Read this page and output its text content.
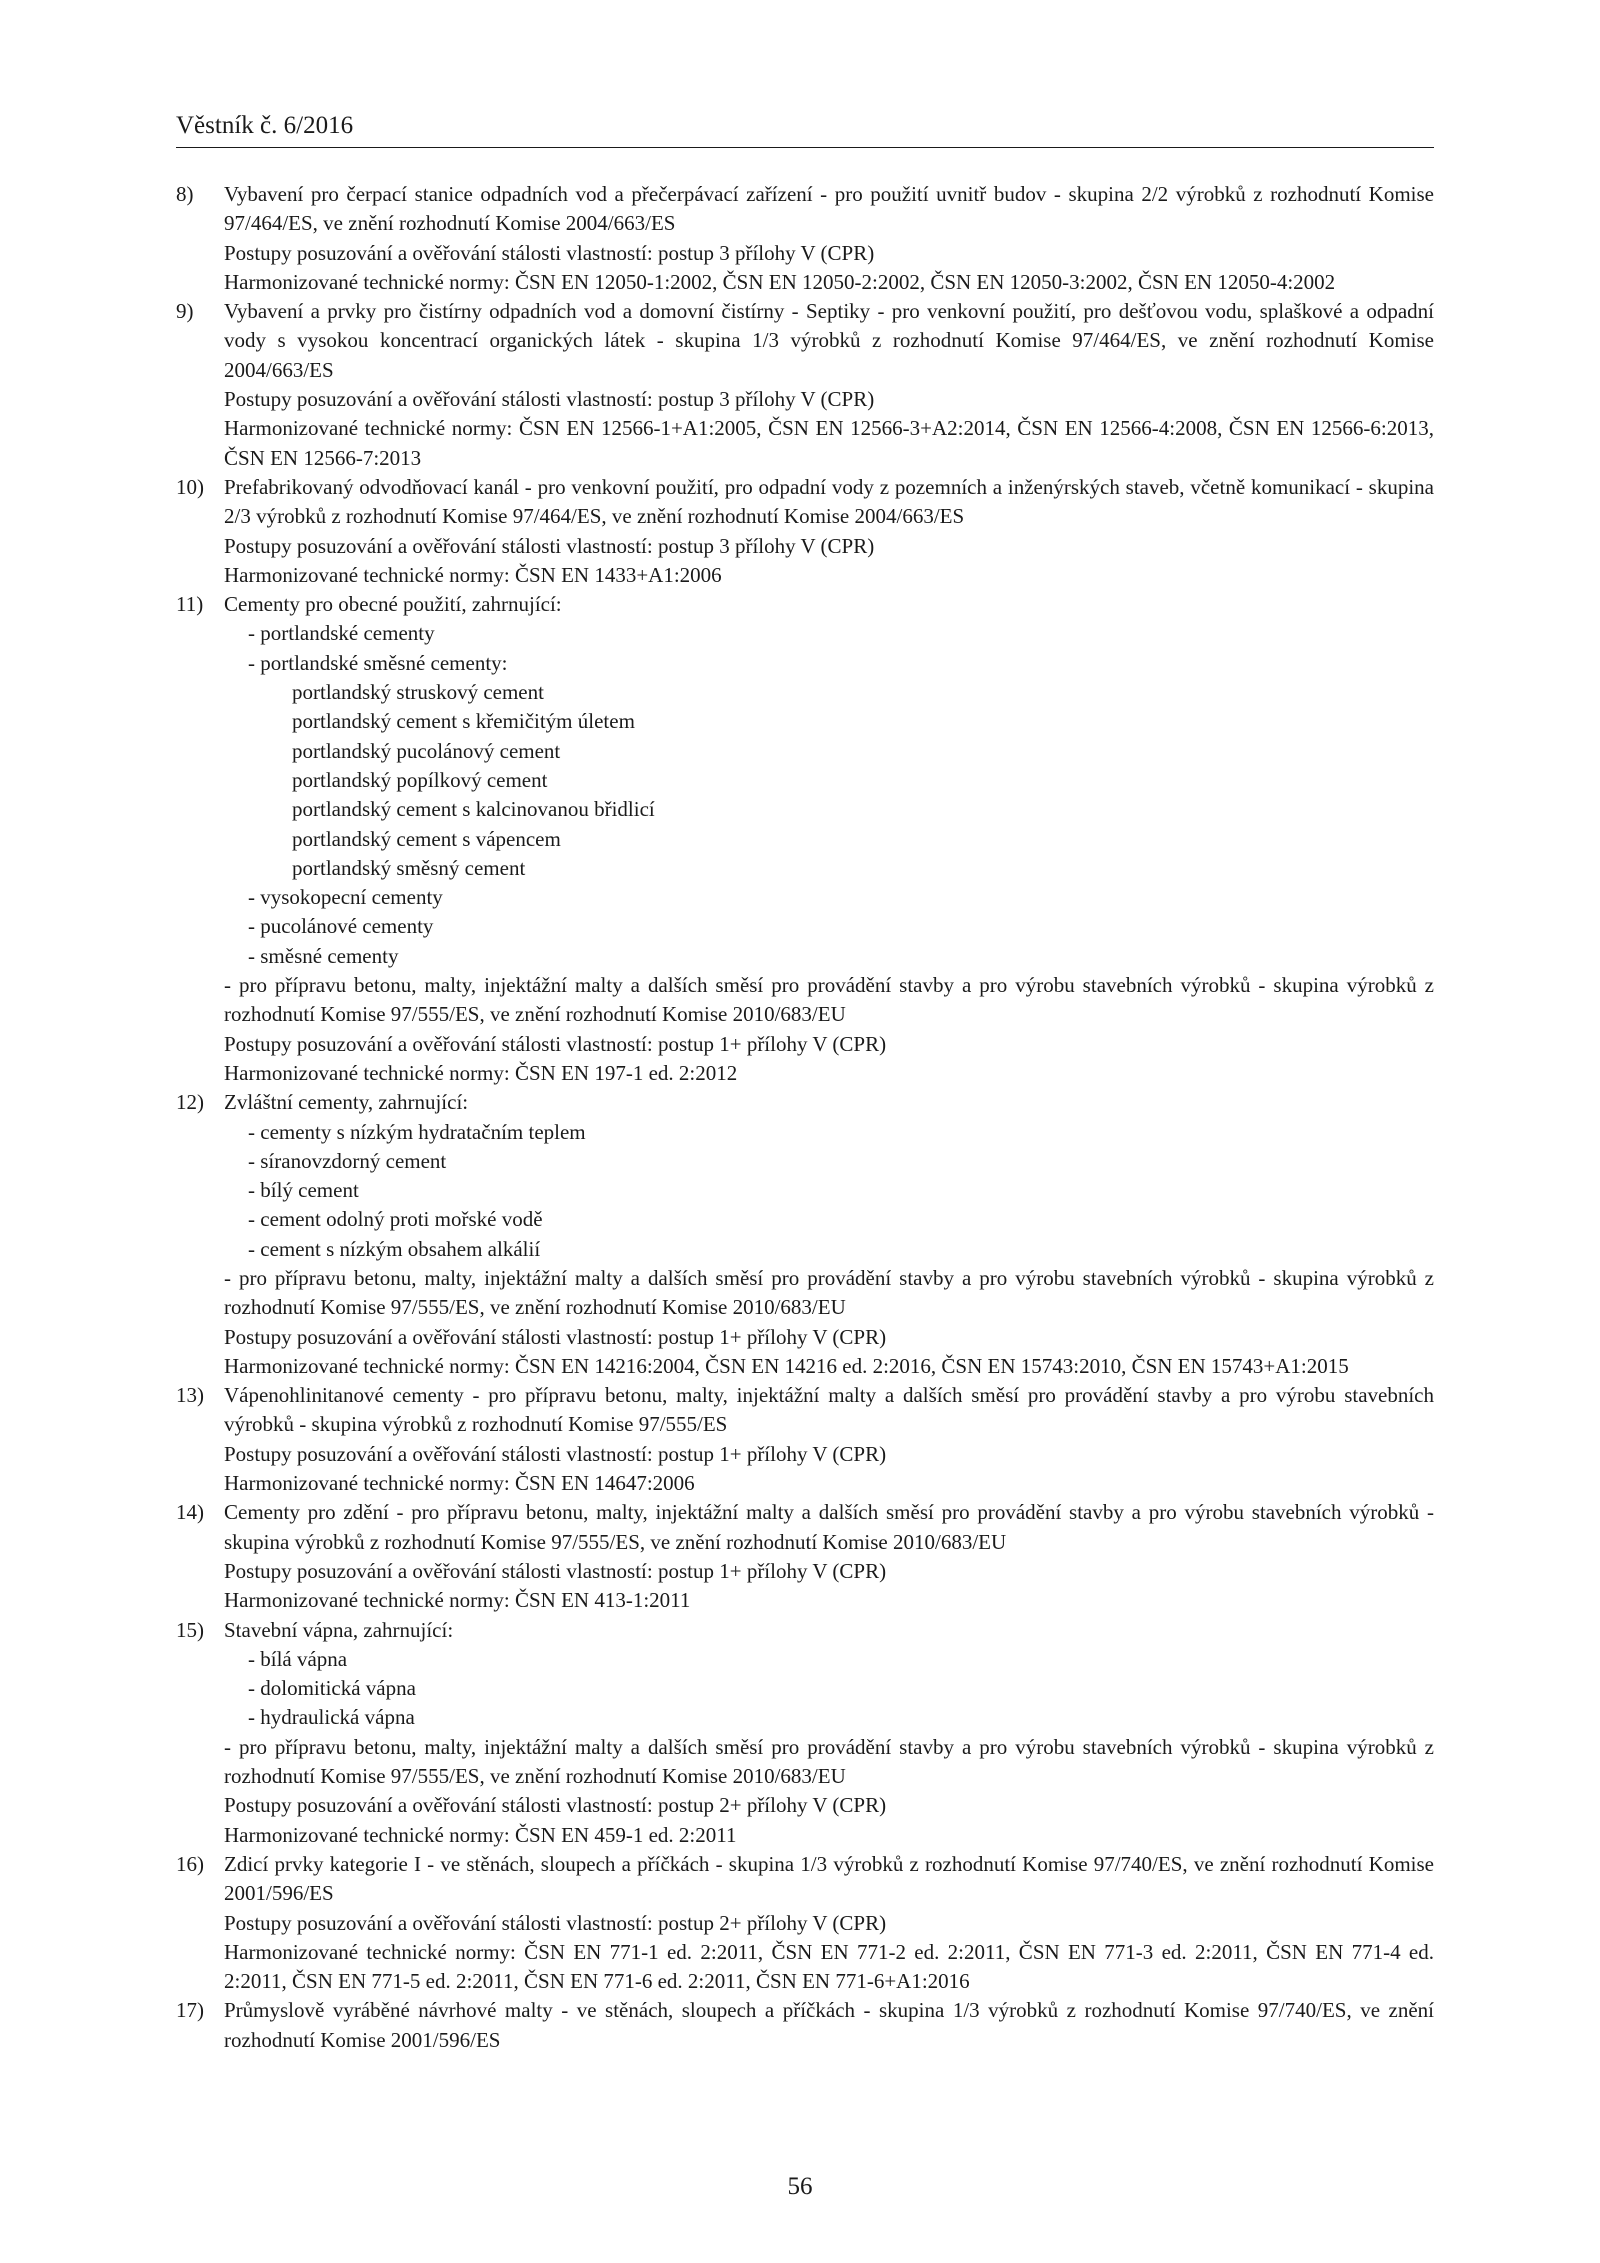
Věstník č. 6/2016
8) Vybavení pro čerpací stanice odpadních vod a přečerpávací zařízení - pro použití uvnitř budov - skupina 2/2 výrobků z rozhodnutí Komise 97/464/ES, ve znění rozhodnutí Komise 2004/663/ES
Postupy posuzování a ověřování stálosti vlastností: postup 3 přílohy V (CPR)
Harmonizované technické normy: ČSN EN 12050-1:2002, ČSN EN 12050-2:2002, ČSN EN 12050-3:2002, ČSN EN 12050-4:2002
9) Vybavení a prvky pro čistírny odpadních vod a domovní čistírny - Septiky - pro venkovní použití, pro dešťovou vodu, splaškové a odpadní vody s vysokou koncentrací organických látek - skupina 1/3 výrobků z rozhodnutí Komise 97/464/ES, ve znění rozhodnutí Komise 2004/663/ES
Postupy posuzování a ověřování stálosti vlastností: postup 3 přílohy V (CPR)
Harmonizované technické normy: ČSN EN 12566-1+A1:2005, ČSN EN 12566-3+A2:2014, ČSN EN 12566-4:2008, ČSN EN 12566-6:2013, ČSN EN 12566-7:2013
10) Prefabrikovaný odvodňovací kanál - pro venkovní použití, pro odpadní vody z pozemních a inženýrských staveb, včetně komunikací - skupina 2/3 výrobků z rozhodnutí Komise 97/464/ES, ve znění rozhodnutí Komise 2004/663/ES
Postupy posuzování a ověřování stálosti vlastností: postup 3 přílohy V (CPR)
Harmonizované technické normy: ČSN EN 1433+A1:2006
11) Cementy pro obecné použití, zahrnující:
- portlandské cementy
- portlandské směsné cementy:
portlandský struskový cement
portlandský cement s křemičitým úletem
portlandský pucolánový cement
portlandský popílkový cement
portlandský cement s kalcinovanou břidlicí
portlandský cement s vápencem
portlandský směsný cement
- vysokopecní cementy
- pucolánové cementy
- směsné cementy
- pro přípravu betonu, malty, injektážní malty a dalších směsí pro provádění stavby a pro výrobu stavebních výrobků - skupina výrobků z rozhodnutí Komise 97/555/ES, ve znění rozhodnutí Komise 2010/683/EU
Postupy posuzování a ověřování stálosti vlastností: postup 1+ přílohy V (CPR)
Harmonizované technické normy: ČSN EN 197-1 ed. 2:2012
12) Zvláštní cementy, zahrnující:
- cementy s nízkým hydratačním teplem
- síranovzdorný cement
- bílý cement
- cement odolný proti mořské vodě
- cement s nízkým obsahem alkálií
- pro přípravu betonu, malty, injektážní malty a dalších směsí pro provádění stavby a pro výrobu stavebních výrobků - skupina výrobků z rozhodnutí Komise 97/555/ES, ve znění rozhodnutí Komise 2010/683/EU
Postupy posuzování a ověřování stálosti vlastností: postup 1+ přílohy V (CPR)
Harmonizované technické normy: ČSN EN 14216:2004, ČSN EN 14216 ed. 2:2016, ČSN EN 15743:2010, ČSN EN 15743+A1:2015
13) Vápenohlinitanové cementy - pro přípravu betonu, malty, injektážní malty a dalších směsí pro provádění stavby a pro výrobu stavebních výrobků - skupina výrobků z rozhodnutí Komise 97/555/ES
Postupy posuzování a ověřování stálosti vlastností: postup 1+ přílohy V (CPR)
Harmonizované technické normy: ČSN EN 14647:2006
14) Cementy pro zdění - pro přípravu betonu, malty, injektážní malty a dalších směsí pro provádění stavby a pro výrobu stavebních výrobků - skupina výrobků z rozhodnutí Komise 97/555/ES, ve znění rozhodnutí Komise 2010/683/EU
Postupy posuzování a ověřování stálosti vlastností: postup 1+ přílohy V (CPR)
Harmonizované technické normy: ČSN EN 413-1:2011
15) Stavební vápna, zahrnující:
- bílá vápna
- dolomitická vápna
- hydraulická vápna
- pro přípravu betonu, malty, injektážní malty a dalších směsí pro provádění stavby a pro výrobu stavebních výrobků - skupina výrobků z rozhodnutí Komise 97/555/ES, ve znění rozhodnutí Komise 2010/683/EU
Postupy posuzování a ověřování stálosti vlastností: postup 2+ přílohy V (CPR)
Harmonizované technické normy: ČSN EN 459-1 ed. 2:2011
16) Zdicí prvky kategorie I - ve stěnách, sloupech a příčkách - skupina 1/3 výrobků z rozhodnutí Komise 97/740/ES, ve znění rozhodnutí Komise 2001/596/ES
Postupy posuzování a ověřování stálosti vlastností: postup 2+ přílohy V (CPR)
Harmonizované technické normy: ČSN EN 771-1 ed. 2:2011, ČSN EN 771-2 ed. 2:2011, ČSN EN 771-3 ed. 2:2011, ČSN EN 771-4 ed. 2:2011, ČSN EN 771-5 ed. 2:2011, ČSN EN 771-6 ed. 2:2011, ČSN EN 771-6+A1:2016
17) Průmyslově vyráběné návrhové malty - ve stěnách, sloupech a příčkách - skupina 1/3 výrobků z rozhodnutí Komise 97/740/ES, ve znění rozhodnutí Komise 2001/596/ES
56
